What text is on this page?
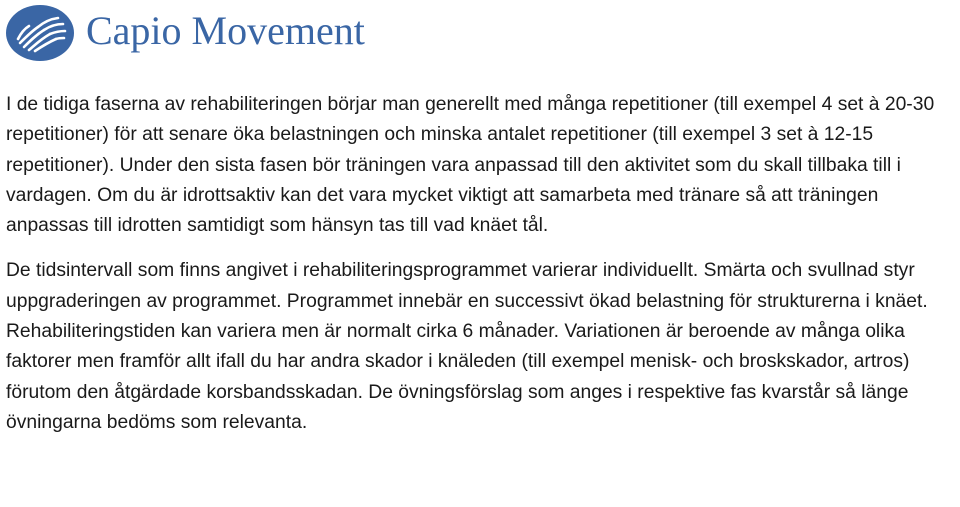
Capio Movement

I de tidiga faserna av rehabiliteringen börjar man generellt med många repetitioner (till exempel 4 set à 20-30 repetitioner) för att senare öka belastningen och minska antalet repetitioner (till exempel 3 set à 12-15 repetitioner). Under den sista fasen bör träningen vara anpassad till den aktivitet som du skall tillbaka till i vardagen. Om du är idrottsaktiv kan det vara mycket viktigt att samarbeta med tränare så att träningen anpassas till idrotten samtidigt som hänsyn tas till vad knäet tål.

De tidsintervall som finns angivet i rehabiliteringsprogrammet varierar individuellt. Smärta och svullnad styr uppgraderingen av programmet. Programmet innebär en successivt ökad belastning för strukturerna i knäet. Rehabiliteringstiden kan variera men är normalt cirka 6 månader. Variationen är beroende av många olika faktorer men framför allt ifall du har andra skador i knäleden (till exempel menisk- och broskskador, artros) förutom den åtgärdade korsbandsskadan. De övningsförslag som anges i respektive fas kvarstår så länge övningarna bedöms som relevanta.
